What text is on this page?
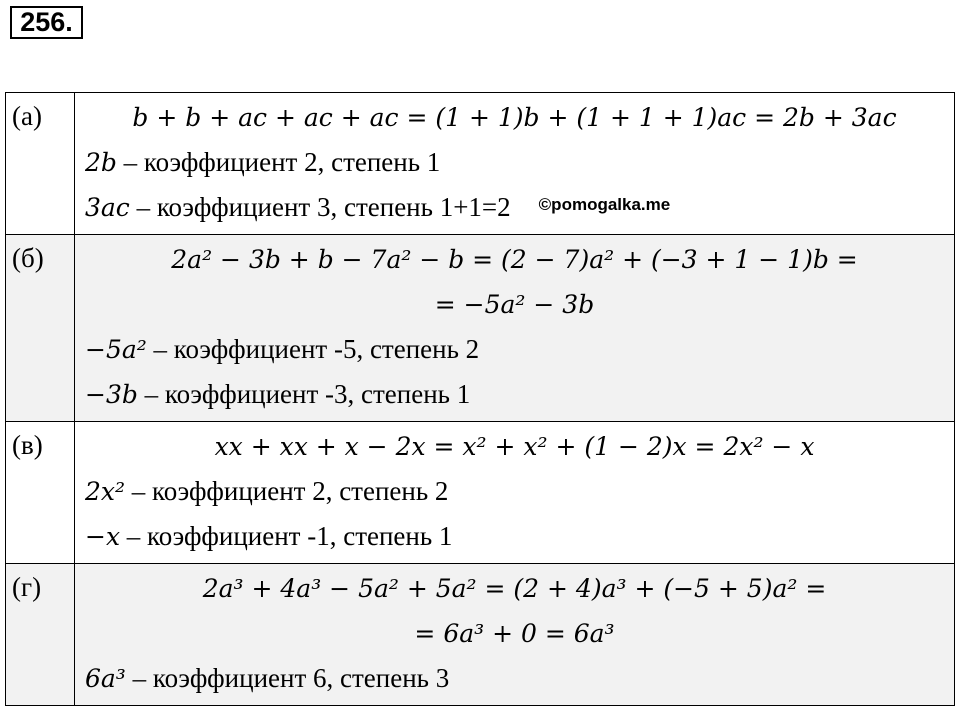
256.
(а)	b + b + ac + ac + ac = (1 + 1)b + (1 + 1 + 1)ac = 2b + 3ac
2b – коэффициент 2, степень 1
3ac – коэффициент 3, степень 1+1=2 $^{©pomogalka.me}$

(б)	2a² − 3b + b − 7a² − b = (2 − 7)a² + (−3 + 1 − 1)b =
= −5a² − 3b
−5a² – коэффициент -5, степень 2
−3b – коэффициент -3, степень 1

(в)	xx + xx + x − 2x = x² + x² + (1 − 2)x = 2x² − x
2x² – коэффициент 2, степень 2
−x – коэффициент -1, степень 1

(г)	2a³ + 4a³ − 5a² + 5a² = (2 + 4)a³ + (−5 + 5)a² =
= 6a³ + 0 = 6a³
6a³ – коэффициент 6, степень 3
